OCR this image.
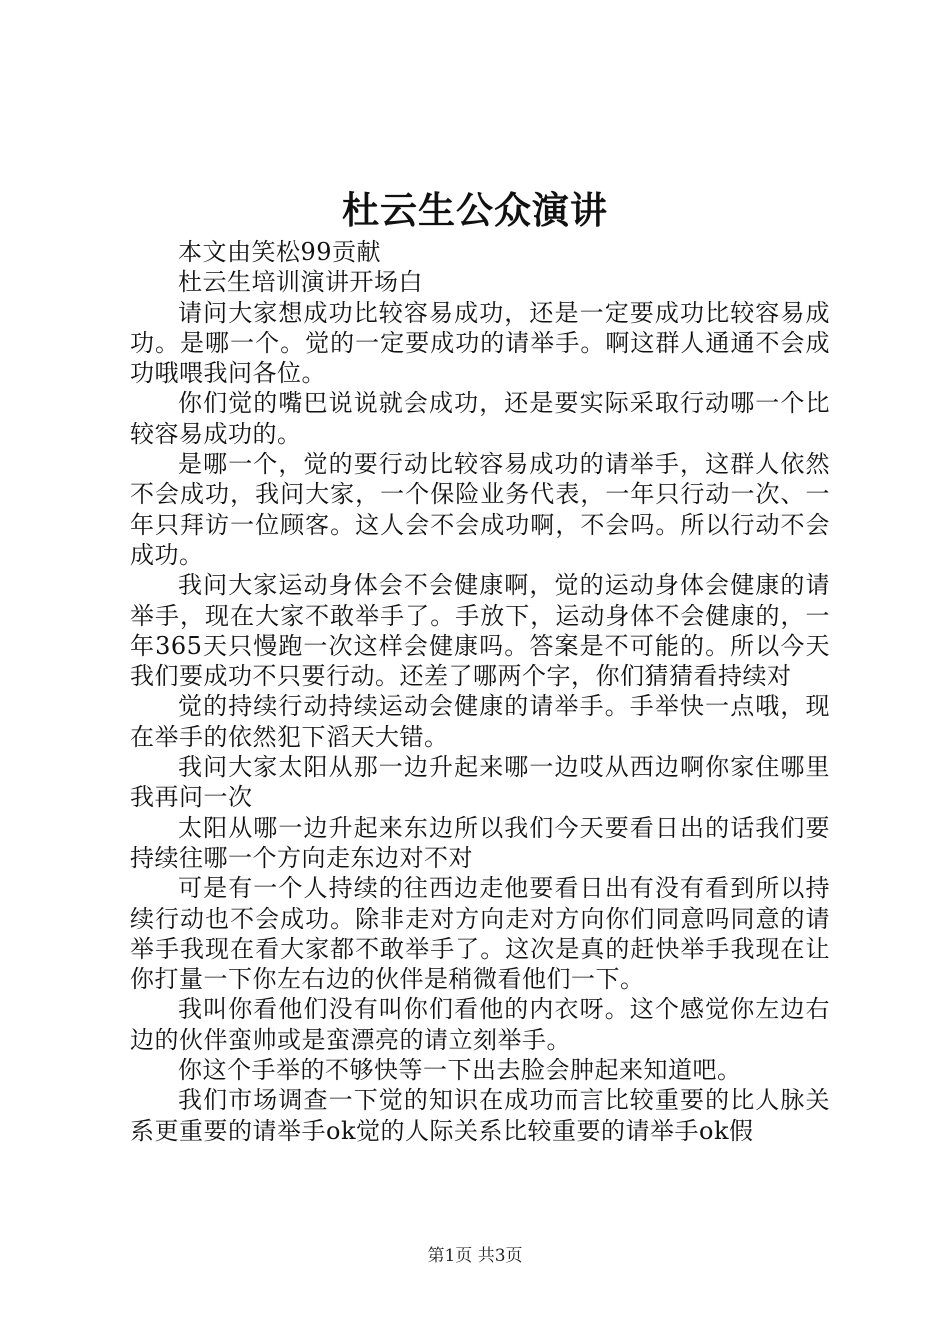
杜云生公众演讲

本文由笑松99贡献

杜云生培训演讲开场白

请问大家想成功比较容易成功，还是一定要成功比较容易成功。是哪一个。觉的一定要成功的请举手。啊这群人通通不会成功哦喂我问各位。

你们觉的嘴巴说说就会成功，还是要实际采取行动哪一个比较容易成功的。

是哪一个，觉的要行动比较容易成功的请举手，这群人依然不会成功，我问大家，一个保险业务代表，一年只行动一次、一年只拜访一位顾客。这人会不会成功啊，不会吗。所以行动不会成功。

我问大家运动身体会不会健康啊，觉的运动身体会健康的请举手，现在大家不敢举手了。手放下，运动身体不会健康的，一年365天只慢跑一次这样会健康吗。答案是不可能的。所以今天我们要成功不只要行动。还差了哪两个字，你们猜猜看持续对

觉的持续行动持续运动会健康的请举手。手举快一点哦，现在举手的依然犯下滔天大错。

我问大家太阳从那一边升起来哪一边哎从西边啊你家住哪里我再问一次

太阳从哪一边升起来东边所以我们今天要看日出的话我们要持续往哪一个方向走东边对不对

可是有一个人持续的往西边走他要看日出有没有看到所以持续行动也不会成功。除非走对方向走对方向你们同意吗同意的请举手我现在看大家都不敢举手了。这次是真的赶快举手我现在让你打量一下你左右边的伙伴是稍微看他们一下。

我叫你看他们没有叫你们看他的内衣呀。这个感觉你左边右边的伙伴蛮帅或是蛮漂亮的请立刻举手。

你这个手举的不够快等一下出去脸会肿起来知道吧。

我们市场调查一下觉的知识在成功而言比较重要的比人脉关系更重要的请举手ok觉的人际关系比较重要的请举手ok假

第1页 共3页
